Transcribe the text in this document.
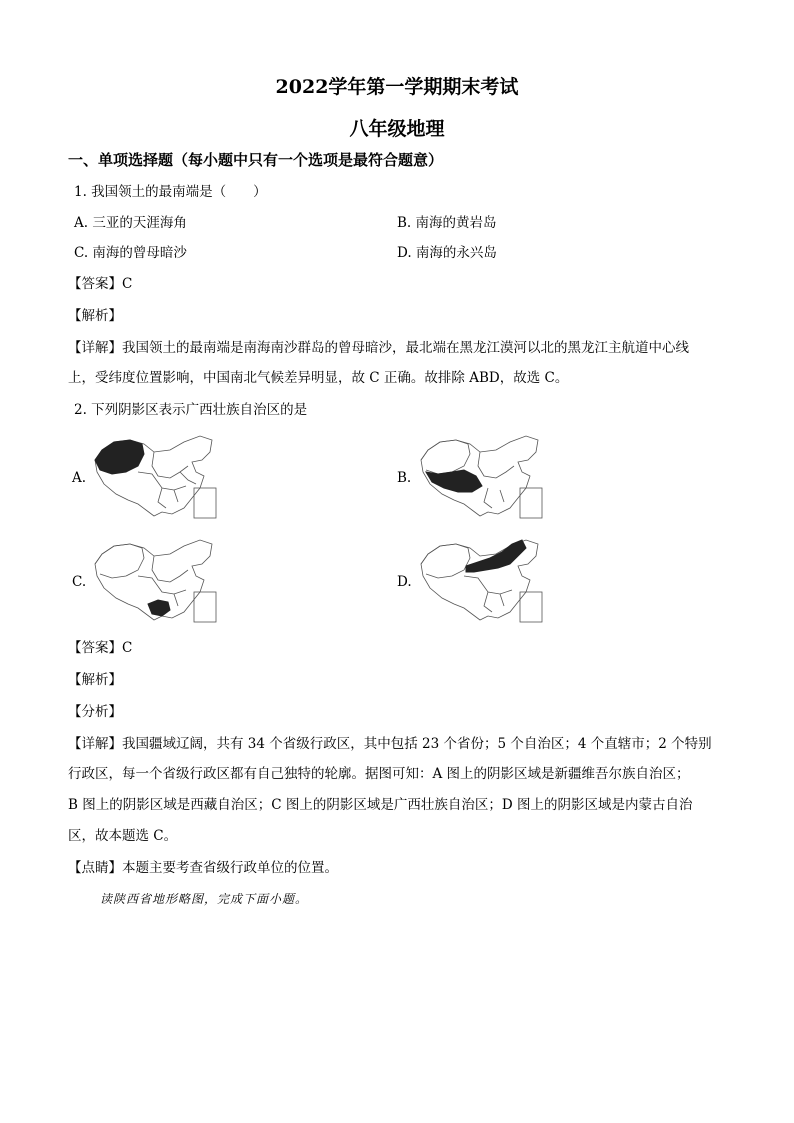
2022学年第一学期期末考试
八年级地理
一、单项选择题（每小题中只有一个选项是最符合题意）
1. 我国领土的最南端是（　　）
A. 三亚的天涯海角	B. 南海的黄岩岛
C. 南海的曾母暗沙	D. 南海的永兴岛
【答案】C
【解析】
【详解】我国领土的最南端是南海南沙群岛的曾母暗沙，最北端在黑龙江漠河以北的黑龙江主航道中心线
上，受纬度位置影响，中国南北气候差异明显，故 C 正确。故排除 ABD，故选 C。
2. 下列阴影区表示广西壮族自治区的是
A.	B.
C.	D.
【答案】C
【解析】
【分析】
【详解】我国疆域辽阔，共有 34 个省级行政区，其中包括 23 个省份；5 个自治区；4 个直辖市；2 个特别
行政区，每一个省级行政区都有自己独特的轮廓。据图可知：A 图上的阴影区域是新疆维吾尔族自治区；
B 图上的阴影区域是西藏自治区；C 图上的阴影区域是广西壮族自治区；D 图上的阴影区域是内蒙古自治
区，故本题选 C。
【点睛】本题主要考查省级行政单位的位置。
读陕西省地形略图，完成下面小题。
